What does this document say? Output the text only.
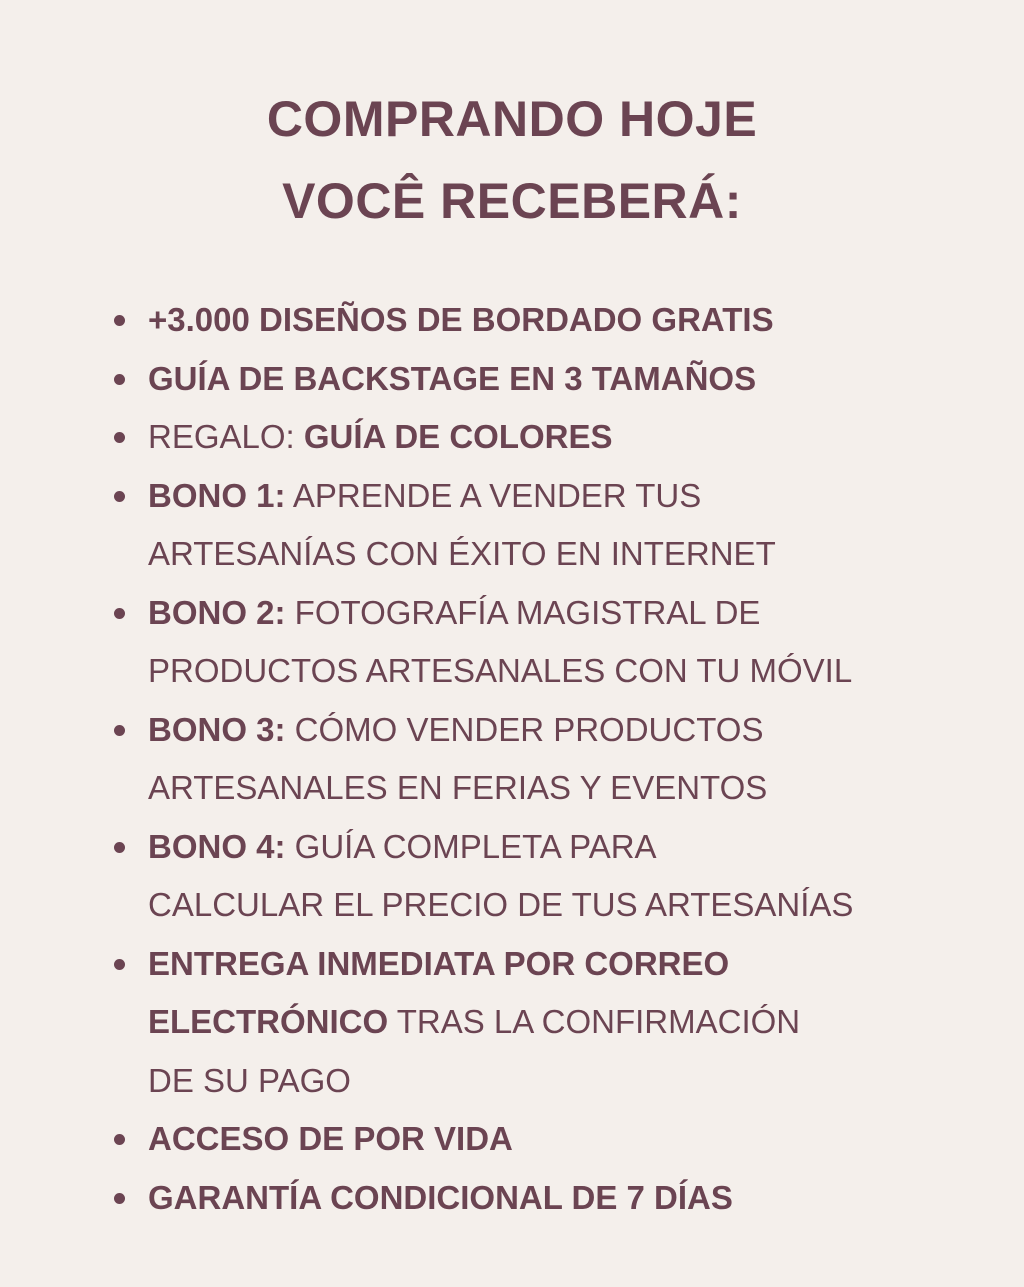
COMPRANDO HOJE
VOCÊ RECEBERÁ:
+3.000 DISEÑOS DE BORDADO GRATIS
GUÍA DE BACKSTAGE EN 3 TAMAÑOS
REGALO: GUÍA DE COLORES
BONO 1: APRENDE A VENDER TUS
ARTESANÍAS CON ÉXITO EN INTERNET
BONO 2: FOTOGRAFÍA MAGISTRAL DE
PRODUCTOS ARTESANALES CON TU MÓVIL
BONO 3: CÓMO VENDER PRODUCTOS
ARTESANALES EN FERIAS Y EVENTOS
BONO 4: GUÍA COMPLETA PARA
CALCULAR EL PRECIO DE TUS ARTESANÍAS
ENTREGA INMEDIATA POR CORREO
ELECTRÓNICO TRAS LA CONFIRMACIÓN
DE SU PAGO
ACCESO DE POR VIDA
GARANTÍA CONDICIONAL DE 7 DÍAS
